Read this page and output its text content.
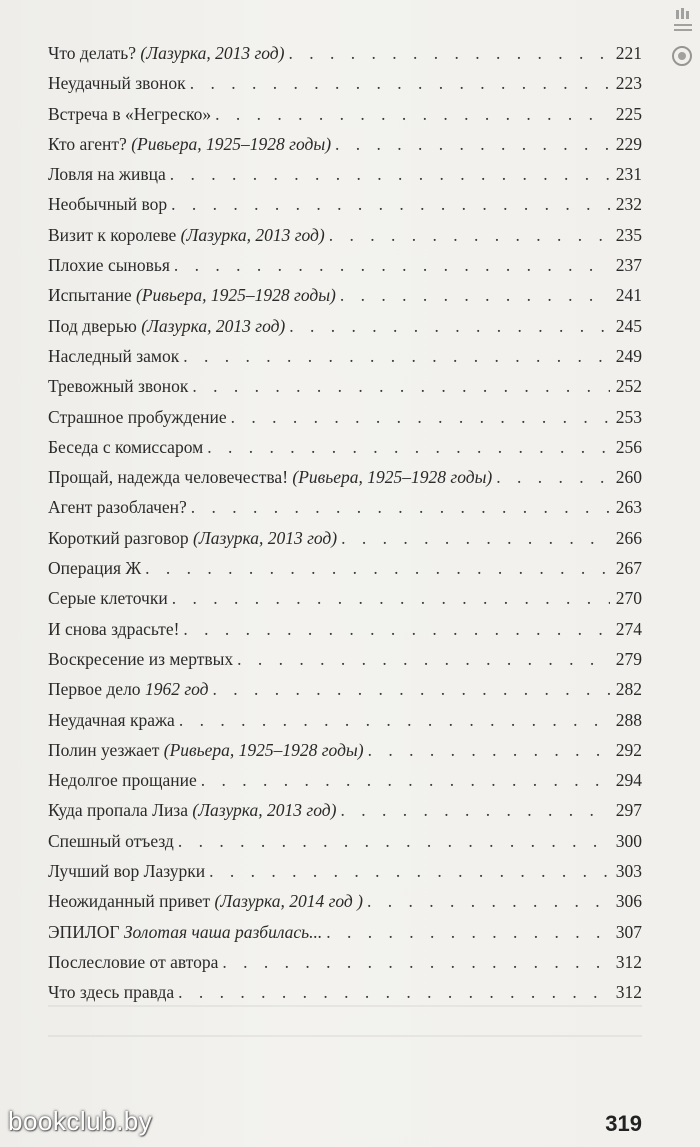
Что делать? (Лазурка, 2013 год) . . .	221
Неудачный звонок . . .	223
Встреча в «Негреско» . . .	225
Кто агент? (Ривьера, 1925–1928 годы) . . .	229
Ловля на живца . . .	231
Необычный вор . . .	232
Визит к королеве (Лазурка, 2013 год) . . .	235
Плохие сыновья . . .	237
Испытание (Ривьера, 1925–1928 годы) . . .	241
Под дверью (Лазурка, 2013 год) . . .	245
Наследный замок . . .	249
Тревожный звонок . . .	252
Страшное пробуждение . . .	253
Беседа с комиссаром . . .	256
Прощай, надежда человечества! (Ривьера, 1925–1928 годы) . . .	260
Агент разоблачен? . . .	263
Короткий разговор (Лазурка, 2013 год) . . .	266
Операция Ж . . .	267
Серые клеточки . . .	270
И снова здрасьте! . . .	274
Воскресение из мертвых . . .	279
Первое дело 1962 год . . .	282
Неудачная кража . . .	288
Полин уезжает (Ривьера, 1925–1928 годы) . . .	292
Недолгое прощание . . .	294
Куда пропала Лиза (Лазурка, 2013 год) . . .	297
Спешный отъезд . . .	300
Лучший вор Лазурки . . .	303
Неожиданный привет (Лазурка, 2014 год ) . . .	306
ЭПИЛОГ Золотая чаша разбилась... . . .	307
Послесловие от автора . . .	312
Что здесь правда . . .	312
bookclub.by	319
